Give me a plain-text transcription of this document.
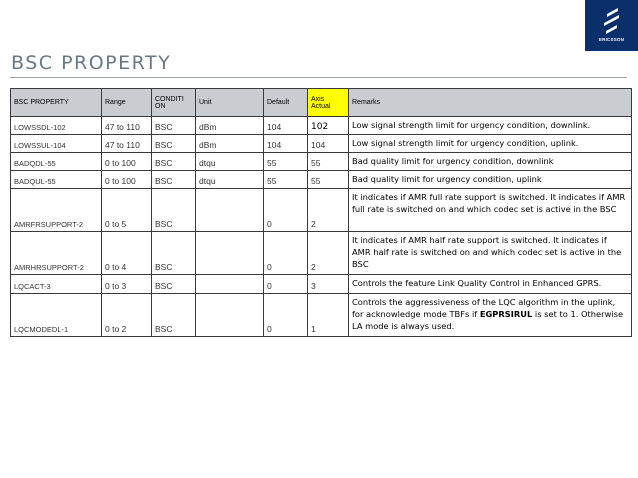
ERICSSON
BSC PROPERTY
BSC PROPERTY	Range	CONDITI ON	Unit	Default	Axis Actual	Remarks
LOWSSDL-102	47 to 110	BSC	dBm	104	102	Low signal strength limit for urgency condition, downlink.
LOWSSUL-104	47 to 110	BSC	dBm	104	104	Low signal strength limit for urgency condition, uplink.
BADQDL-55	0 to 100	BSC	dtqu	55	55	Bad quality limit for urgency condition, downlink
BADQUL-55	0 to 100	BSC	dtqu	55	55	Bad quality limit for urgency condition, uplink
AMRFRSUPPORT-2	0 to 5	BSC		0	2	It indicates if AMR full rate support is switched. It indicates if AMR full rate is switched on and which codec set is active in the BSC
AMRHRSUPPORT-2	0 to 4	BSC		0	2	It indicates if AMR half rate support is switched. It indicates if AMR half rate is switched on and which codec set is active in the BSC
LQCACT-3	0 to 3	BSC		0	3	Controls the feature Link Quality Control in Enhanced GPRS.
LQCMODEDL-1	0 to 2	BSC		0	1	Controls the aggressiveness of the LQC algorithm in the uplink, for acknowledge mode TBFs if EGPRSIRUL is set to 1. Otherwise LA mode is always used.
